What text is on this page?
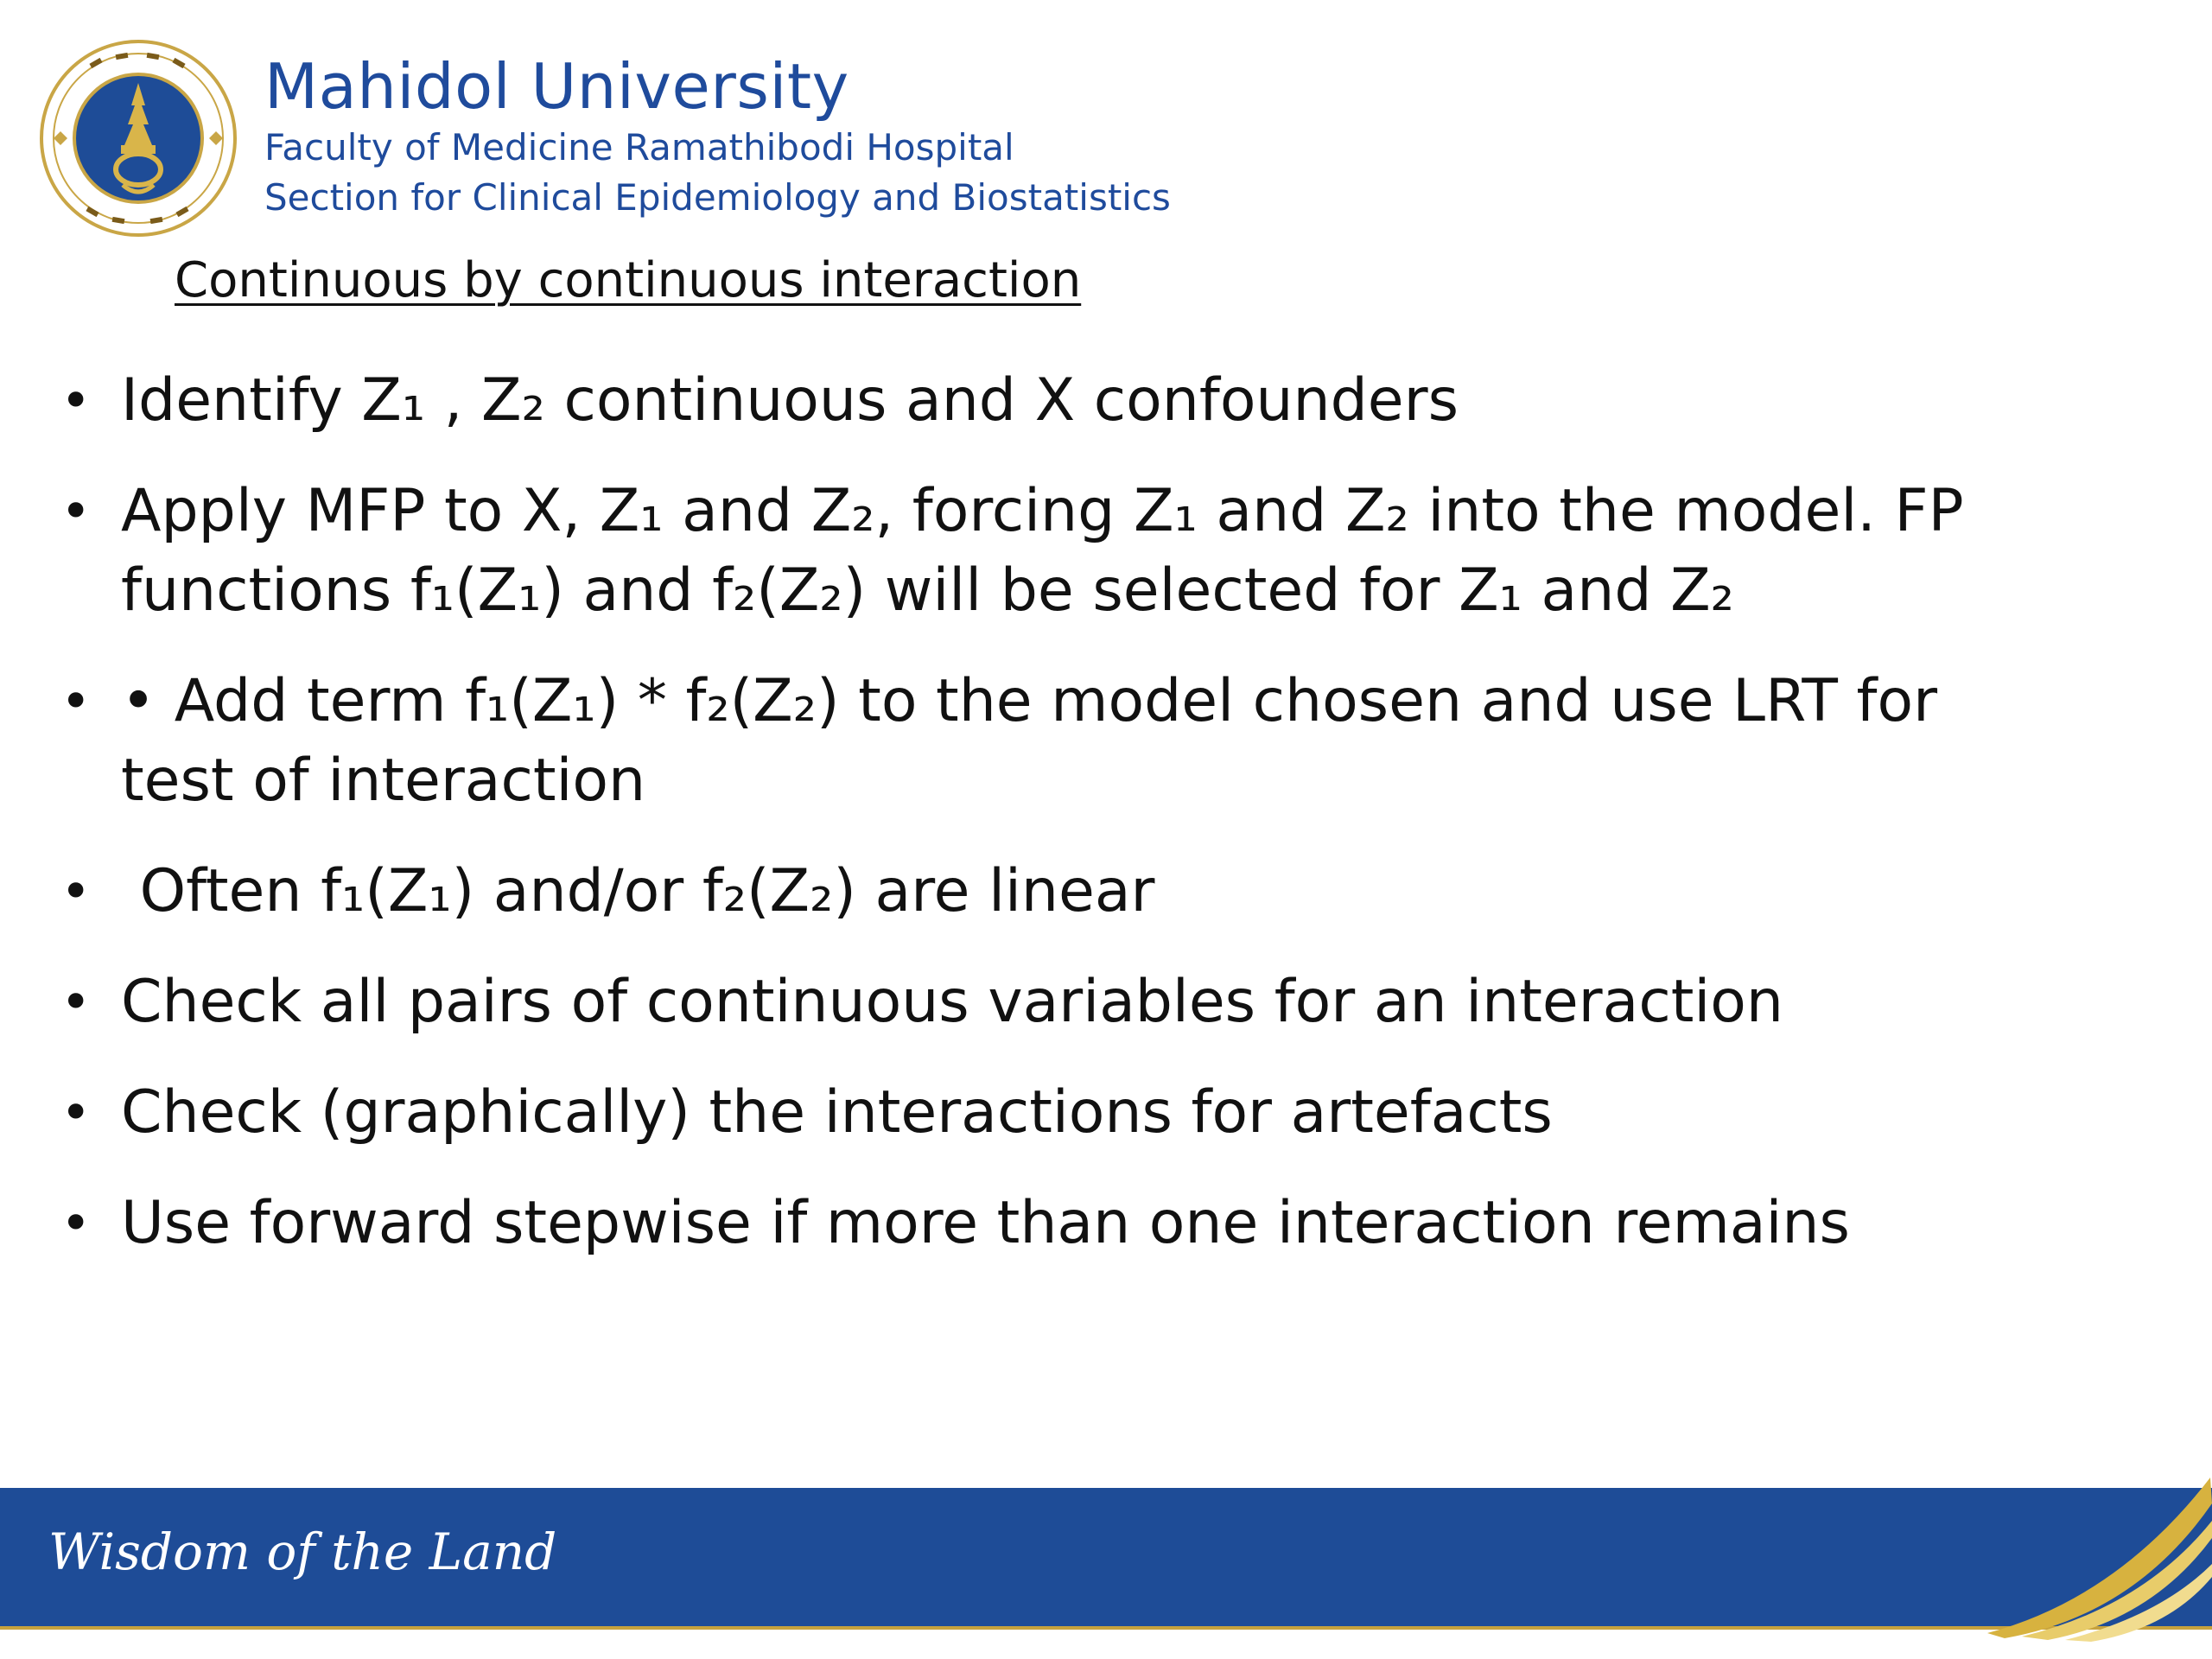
Mahidol University
Faculty of Medicine Ramathibodi Hospital
Section for Clinical Epidemiology and Biostatistics
Continuous by continuous interaction
• Identify Z₁ , Z₂ continuous and X confounders
• Apply MFP to X, Z₁ and Z₂, forcing Z₁ and Z₂ into the model. FP functions f₁(Z₁) and f₂(Z₂) will be selected for Z₁ and Z₂
• • Add term f₁(Z₁) * f₂(Z₂) to the model chosen and use LRT for test of interaction
• Often f₁(Z₁) and/or f₂(Z₂) are linear
• Check all pairs of continuous variables for an interaction
• Check (graphically) the interactions for artefacts
• Use forward stepwise if more than one interaction remains
Wisdom of the Land
